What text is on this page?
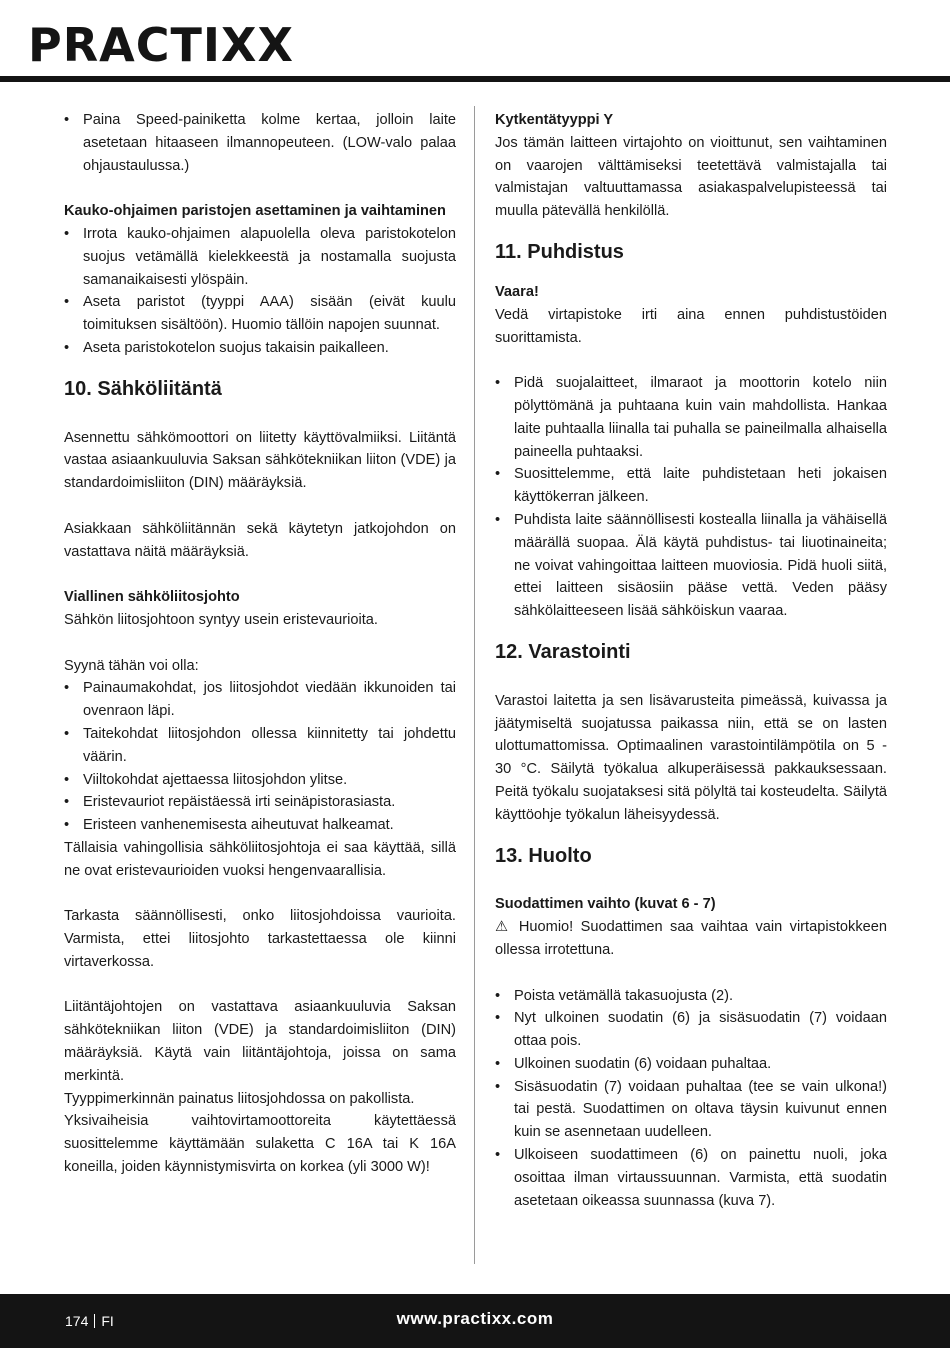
PRACTIXX
• Paina Speed-painiketta kolme kertaa, jolloin laite asetetaan hitaaseen ilmannopeuteen. (LOW-valo palaa ohjaustaulussa.)

Kauko-ohjaimen paristojen asettaminen ja vaihtaminen

• Irrota kauko-ohjaimen alapuolella oleva paristokotelon suojus vetämällä kielekkeestä ja nostamalla suojusta samanaikaisesti ylöspäin.
• Aseta paristot (tyyppi AAA) sisään (eivät kuulu toimituksen sisältöön). Huomio tällöin napojen suunnat.
• Aseta paristokotelon suojus takaisin paikalleen.
10. Sähköliitäntä

Asennettu sähkömoottori on liitetty käyttövalmiiksi. Liitäntä vastaa asiaankuuluvia Saksan sähkötekniikan liiton (VDE) ja standardoimisliiton (DIN) määräyksiä.

Asiakkaan sähköliitännän sekä käytetyn jatkojohdon on vastattava näitä määräyksiä.

Viallinen sähköliitosjohto

Sähkön liitosjohtoon syntyy usein eristevaurioita.

Syynä tähän voi olla:

• Painaumakohdat, jos liitosjohdot viedään ikkunoiden tai ovenraon läpi.
• Taitekohdat liitosjohdon ollessa kiinnitetty tai johdettu väärin.
• Viiltokohdat ajettaessa liitosjohdon ylitse.
• Eristevauriot repäistäessä irti seinäpistorasiasta.
• Eristeen vanhenemisesta aiheutuvat halkeamat.

Tällaisia vahingollisia sähköliitosjohtoja ei saa käyttää, sillä ne ovat eristevaurioiden vuoksi hengenvaarallisia.

Tarkasta säännöllisesti, onko liitosjohdoissa vaurioita. Varmista, ettei liitosjohto tarkastettaessa ole kiinni virtaverkossa.

Liitäntäjohtojen on vastattava asiaankuuluvia Saksan sähkötekniikan liiton (VDE) ja standardoimisliiton (DIN) määräyksiä. Käytä vain liitäntäjohtoja, joissa on sama merkintä.

Tyyppimerkinnän painatus liitosjohdossa on pakollista.

Yksivaiheisia vaihtovirtamoottoreita käytettäessä suosittelemme käyttämään sulaketta C 16A tai K 16A koneilla, joiden käynnistymisvirta on korkea (yli 3000 W)!

Kytkentätyyppi Y

Jos tämän laitteen virtajohto on vioittunut, sen vaihtaminen on vaarojen välttämiseksi teetettävä valmistajalla tai valmistajan valtuuttamassa asiakaspalvelupisteessä tai muulla pätevällä henkilöllä.

11. Puhdistus

Vaara!

Vedä virtapistoke irti aina ennen puhdistustöiden suorittamista.

• Pidä suojalaitteet, ilmaraot ja moottorin kotelo niin pölyttömänä ja puhtaana kuin vain mahdollista. Hankaa laite puhtaalla liinalla tai puhalla se paineilmalla alhaisella paineella puhtaaksi.
• Suosittelemme, että laite puhdistetaan heti jokaisen käyttökerran jälkeen.
• Puhdista laite säännöllisesti kostealla liinalla ja vähäisellä määrällä suopaa. Älä käytä puhdistus- tai liuotinaineita; ne voivat vahingoittaa laitteen muoviosia. Pidä huoli siitä, ettei laitteen sisäosiin pääse vettä. Veden pääsy sähkölaitteeseen lisää sähköiskun vaaraa.
12. Varastointi

Varastoi laitetta ja sen lisävarusteita pimeässä, kuivassa ja jäätymiseltä suojatussa paikassa niin, että se on lasten ulottumattomissa. Optimaalinen varastointilämpötila on 5 - 30 °C. Säilytä työkalua alkuperäisessä pakkauksessaan. Peitä työkalu suojataksesi sitä pölyltä tai kosteudelta. Säilytä käyttöohje työkalun läheisyydessä.

13. Huolto

Suodattimen vaihto (kuvat 6 - 7)

⚠ Huomio! Suodattimen saa vaihtaa vain virtapistokkeen ollessa irrotettuna.

• Poista vetämällä takasuojusta (2).
• Nyt ulkoinen suodatin (6) ja sisäsuodatin (7) voidaan ottaa pois.
• Ulkoinen suodatin (6) voidaan puhaltaa.
• Sisäsuodatin (7) voidaan puhaltaa (tee se vain ulkona!) tai pestä. Suodattimen on oltava täysin kuivunut ennen kuin se asennetaan uudelleen.
• Ulkoiseen suodattimeen (6) on painettu nuoli, joka osoittaa ilman virtaussuunnan. Varmista, että suodatin asetetaan oikeassa suunnassa (kuva 7).
174 FI	www.practixx.com
